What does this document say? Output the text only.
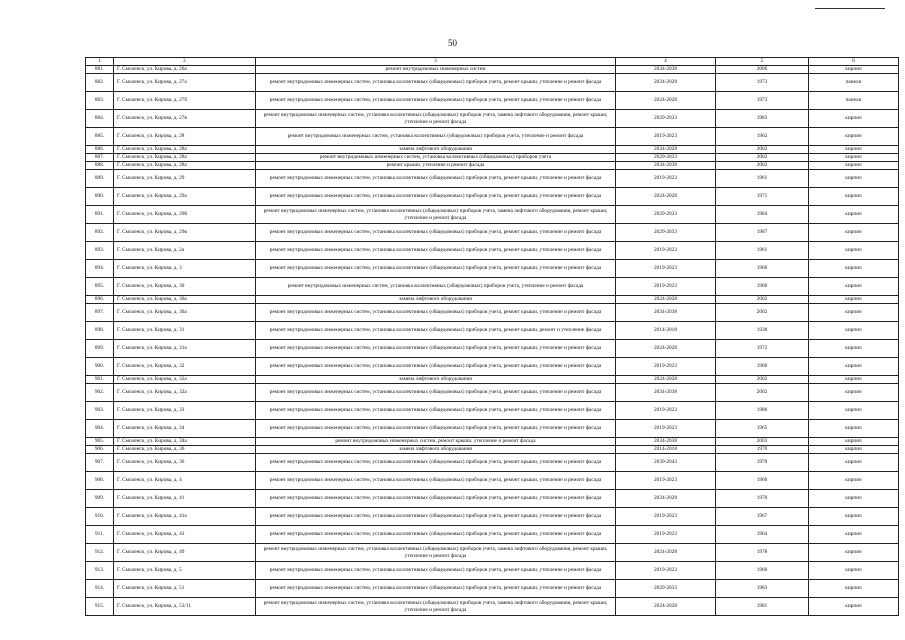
50
1	2	3	4	5	6
881.	Г. Смоленск, ул. Кирова, д. 26а	ремонт внутридомовых инженерных систем	2034-2038	2006	кирпич
882.	Г. Смоленск, ул. Кирова, д. 27а	ремонт внутридомовых инженерных систем, установка коллективных (общедомовых) приборов учета, ремонт крыши, утепление и ремонт фасада	2024-2028	1973	панели
883.	Г. Смоленск, ул. Кирова, д. 27б	ремонт внутридомовых инженерных систем, установка коллективных (общедомовых) приборов учета, ремонт крыши, утепление и ремонт фасада	2024-2028	1973	панели
884.	Г. Смоленск, ул. Кирова, д. 27в	ремонт внутридомовых инженерных систем, установка коллективных (общедомовых) приборов учета, замена лифтового оборудования, ремонт крыши, утепление и ремонт фасада	2029-2033	1983	кирпич
885.	Г. Смоленск, ул. Кирова, д. 28	ремонт внутридомовых инженерных систем, установка коллективных (общедомовых) приборов учета, утепление и ремонт фасада	2019-2023	1962	кирпич
886.	Г. Смоленск, ул. Кирова, д. 28а	замена лифтового оборудования	2024-2028	2002	кирпич
887.	Г. Смоленск, ул. Кирова, д. 28а	ремонт внутридомовых инженерных систем, установка коллективных (общедомовых) приборов учета	2029-2033	2002	кирпич
888.	Г. Смоленск, ул. Кирова, д. 28а	ремонт крыши, утепление и ремонт фасада	2034-2038	2002	кирпич
889.	Г. Смоленск, ул. Кирова, д. 29	ремонт внутридомовых инженерных систем, установка коллективных (общедомовых) приборов учета, ремонт крыши, утепление и ремонт фасада	2019-2023	1961	кирпич
890.	Г. Смоленск, ул. Кирова, д. 29а	ремонт внутридомовых инженерных систем, установка коллективных (общедомовых) приборов учета, ремонт крыши, утепление и ремонт фасада	2024-2028	1971	кирпич
891.	Г. Смоленск, ул. Кирова, д. 29б	ремонт внутридомовых инженерных систем, установка коллективных (общедомовых) приборов учета, замена лифтового оборудования, ремонт крыши, утепление и ремонт фасада	2029-2033	1984	кирпич
892.	Г. Смоленск, ул. Кирова, д. 29в	ремонт внутридомовых инженерных систем, установка коллективных (общедомовых) приборов учета, ремонт крыши, утепление и ремонт фасада	2029-2033	1987	кирпич
893.	Г. Смоленск, ул. Кирова, д. 2а	ремонт внутридомовых инженерных систем, установка коллективных (общедомовых) приборов учета, ремонт крыши, утепление и ремонт фасада	2019-2023	1961	кирпич
894.	Г. Смоленск, ул. Кирова, д. 3	ремонт внутридомовых инженерных систем, установка коллективных (общедомовых) приборов учета, ремонт крыши, утепление и ремонт фасада	2019-2023	1960	кирпич
895.	Г. Смоленск, ул. Кирова, д. 30	ремонт внутридомовых инженерных систем, установка коллективных (общедомовых) приборов учета, утепление и ремонт фасада	2019-2023	1960	кирпич
896.	Г. Смоленск, ул. Кирова, д. 30а	замена лифтового оборудования	2024-2028	2002	кирпич
897.	Г. Смоленск, ул. Кирова, д. 30а	ремонт внутридомовых инженерных систем, установка коллективных (общедомовых) приборов учета, ремонт крыши, утепление и ремонт фасада	2034-2038	2002	кирпич
898.	Г. Смоленск, ул. Кирова, д. 31	ремонт внутридомовых инженерных систем, установка коллективных (общедомовых) приборов учета, ремонт крыши, ремонт и утепление фасада	2014-2018	1938	кирпич
899.	Г. Смоленск, ул. Кирова, д. 31а	ремонт внутридомовых инженерных систем, установка коллективных (общедомовых) приборов учета, ремонт крыши, утепление и ремонт фасада	2024-2028	1972	кирпич
900.	Г. Смоленск, ул. Кирова, д. 32	ремонт внутридомовых инженерных систем, установка коллективных (общедомовых) приборов учета, ремонт крыши, утепление и ремонт фасада	2019-2023	1960	кирпич
901.	Г. Смоленск, ул. Кирова, д. 32а	замена лифтового оборудования	2024-2028	2002	кирпич
902.	Г. Смоленск, ул. Кирова, д. 32а	ремонт внутридомовых инженерных систем, установка коллективных (общедомовых) приборов учета, ремонт крыши, утепление и ремонт фасада	2034-2038	2002	кирпич
903.	Г. Смоленск, ул. Кирова, д. 33	ремонт внутридомовых инженерных систем, установка коллективных (общедомовых) приборов учета, ремонт крыши, утепление и ремонт фасада	2019-2023	1986	кирпич
904.	Г. Смоленск, ул. Кирова, д. 34	ремонт внутридомовых инженерных систем, установка коллективных (общедомовых) приборов учета, ремонт крыши, утепление и ремонт фасада	2019-2023	1965	кирпич
905.	Г. Смоленск, ул. Кирова, д. 34а	ремонт внутридомовых инженерных систем, ремонт крыши, утепление и ремонт фасада	2034-2038	2003	кирпич
906.	Г. Смоленск, ул. Кирова, д. 36	замена лифтового оборудования	2014-2018	1970	кирпич
907.	Г. Смоленск, ул. Кирова, д. 36	ремонт внутридомовых инженерных систем, установка коллективных (общедомовых) приборов учета, ремонт крыши, утепление и ремонт фасада	2039-2043	1970	кирпич
908.	Г. Смоленск, ул. Кирова, д. 4	ремонт внутридомовых инженерных систем, установка коллективных (общедомовых) приборов учета, ремонт крыши, утепление и ремонт фасада	2019-2023	1960	кирпич
909.	Г. Смоленск, ул. Кирова, д. 41	ремонт внутридомовых инженерных систем, установка коллективных (общедомовых) приборов учета, ремонт крыши, утепление и ремонт фасада	2024-2028	1970	кирпич
910.	Г. Смоленск, ул. Кирова, д. 41а	ремонт внутридомовых инженерных систем, установка коллективных (общедомовых) приборов учета, ремонт крыши, утепление и ремонт фасада	2019-2023	1967	кирпич
911.	Г. Смоленск, ул. Кирова, д. 43	ремонт внутридомовых инженерных систем, установка коллективных (общедомовых) приборов учета, ремонт крыши, утепление и ремонт фасада	2019-2023	1964	кирпич
912.	Г. Смоленск, ул. Кирова, д. 49	ремонт внутридомовых инженерных систем, установка коллективных (общедомовых) приборов учета, замена лифтового оборудования, ремонт крыши, утепление и ремонт фасада	2024-2028	1978	кирпич
913.	Г. Смоленск, ул. Кирова, д. 5	ремонт внутридомовых инженерных систем, установка коллективных (общедомовых) приборов учета, ремонт крыши, утепление и ремонт фасада	2019-2023	1960	кирпич
914.	Г. Смоленск, ул. Кирова, д. 51	ремонт внутридомовых инженерных систем, установка коллективных (общедомовых) приборов учета, ремонт крыши, утепление и ремонт фасада	2029-2033	1983	кирпич
915.	Г. Смоленск, ул. Кирова, д. 53/11	ремонт внутридомовых инженерных систем, установка коллективных (общедомовых) приборов учета, замена лифтового оборудования, ремонт крыши, утепление и ремонт фасада	2024-2028	1981	кирпич
